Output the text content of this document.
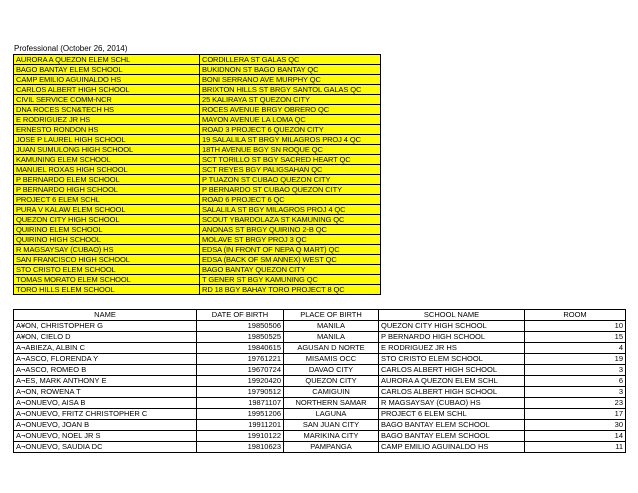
Professional (October 26, 2014)
AURORA A QUEZON ELEM SCHL	CORDILLERA ST GALAS QC
BAGO BANTAY ELEM SCHOOL	BUKIDNON ST BAGO BANTAY QC
CAMP EMILIO AGUINALDO HS	BONI SERRANO AVE MURPHY QC
CARLOS ALBERT HIGH SCHOOL	BRIXTON HILLS ST BRGY SANTOL GALAS QC
CIVIL SERVICE COMM-NCR	25 KALIRAYA ST QUEZON CITY
DNA ROCES SCN&TECH HS	ROCES AVENUE BRGY OBRERO QC
E RODRIGUEZ JR HS	MAYON AVENUE LA LOMA QC
ERNESTO RONDON HS	ROAD 3 PROJECT 6 QUEZON CITY
JOSE P LAUREL HIGH SCHOOL	19 SALALILA ST BRGY MILAGROS PROJ 4 QC
JUAN SUMULONG HIGH SCHOOL	18TH AVENUE BGY SN ROQUE QC
KAMUNING ELEM SCHOOL	SCT TORILLO ST BGY SACRED HEART QC
MANUEL ROXAS HIGH SCHOOL	SCT REYES BGY PALIGSAHAN QC
P BERNARDO ELEM SCHOOL	P TUAZON ST CUBAO QUEZON CITY
P BERNARDO HIGH SCHOOL	P BERNARDO ST CUBAO QUEZON CITY
PROJECT 6 ELEM SCHL	ROAD 6 PROJECT 6 QC
PURA V KALAW ELEM SCHOOL	SALALILA ST BGY MILAGROS PROJ 4 QC
QUEZON CITY HIGH SCHOOL	SCOUT YBARDOLAZA ST KAMUNING QC
QUIRINO ELEM SCHOOL	ANONAS ST BRGY QUIRINO 2-B QC
QUIRINO HIGH SCHOOL	MOLAVE ST BRGY PROJ 3 QC
R MAGSAYSAY (CUBAO) HS	EDSA (IN FRONT OF NEPA Q MART) QC
SAN FRANCISCO HIGH SCHOOL	EDSA (BACK OF SM ANNEX) WEST QC
STO CRISTO ELEM SCHOOL	BAGO BANTAY QUEZON CITY
TOMAS MORATO ELEM SCHOOL	T GENER ST BGY KAMUNING QC
TORO HILLS ELEM SCHOOL	RD 18 BGY BAHAY TORO PROJECT 8 QC
NAME	DATE OF BIRTH	PLACE OF BIRTH	SCHOOL NAME	ROOM
A¥ON, CHRISTOPHER G	19850506	MANILA	QUEZON CITY HIGH SCHOOL	10
A¥ON, CIELO D	19850525	MANILA	P BERNARDO HIGH SCHOOL	15
A¬ABIEZA, ALBIN C	19840615	AGUSAN D NORTE	E RODRIGUEZ JR HS	4
A¬ASCO, FLORENDA Y	19761221	MISAMIS OCC	STO CRISTO ELEM SCHOOL	19
A¬ASCO, ROMEO B	19670724	DAVAO CITY	CARLOS ALBERT HIGH SCHOOL	3
A¬ES, MARK ANTHONY E	19920420	QUEZON CITY	AURORA A QUEZON ELEM SCHL	6
A¬ON, ROWENA T	19790512	CAMIGUIN	CARLOS ALBERT HIGH SCHOOL	3
A¬ONUEVO, AISA B	19871107	NORTHERN SAMAR	R MAGSAYSAY (CUBAO) HS	23
A¬ONUEVO, FRITZ CHRISTOPHER C	19951206	LAGUNA	PROJECT 6 ELEM SCHL	17
A¬ONUEVO, JOAN B	19911201	SAN JUAN CITY	BAGO BANTAY ELEM SCHOOL	30
A¬ONUEVO, NOEL JR S	19910122	MARIKINA CITY	BAGO BANTAY ELEM SCHOOL	14
A¬ONUEVO, SAUDIA DC	19810623	PAMPANGA	CAMP EMILIO AGUINALDO HS	11
